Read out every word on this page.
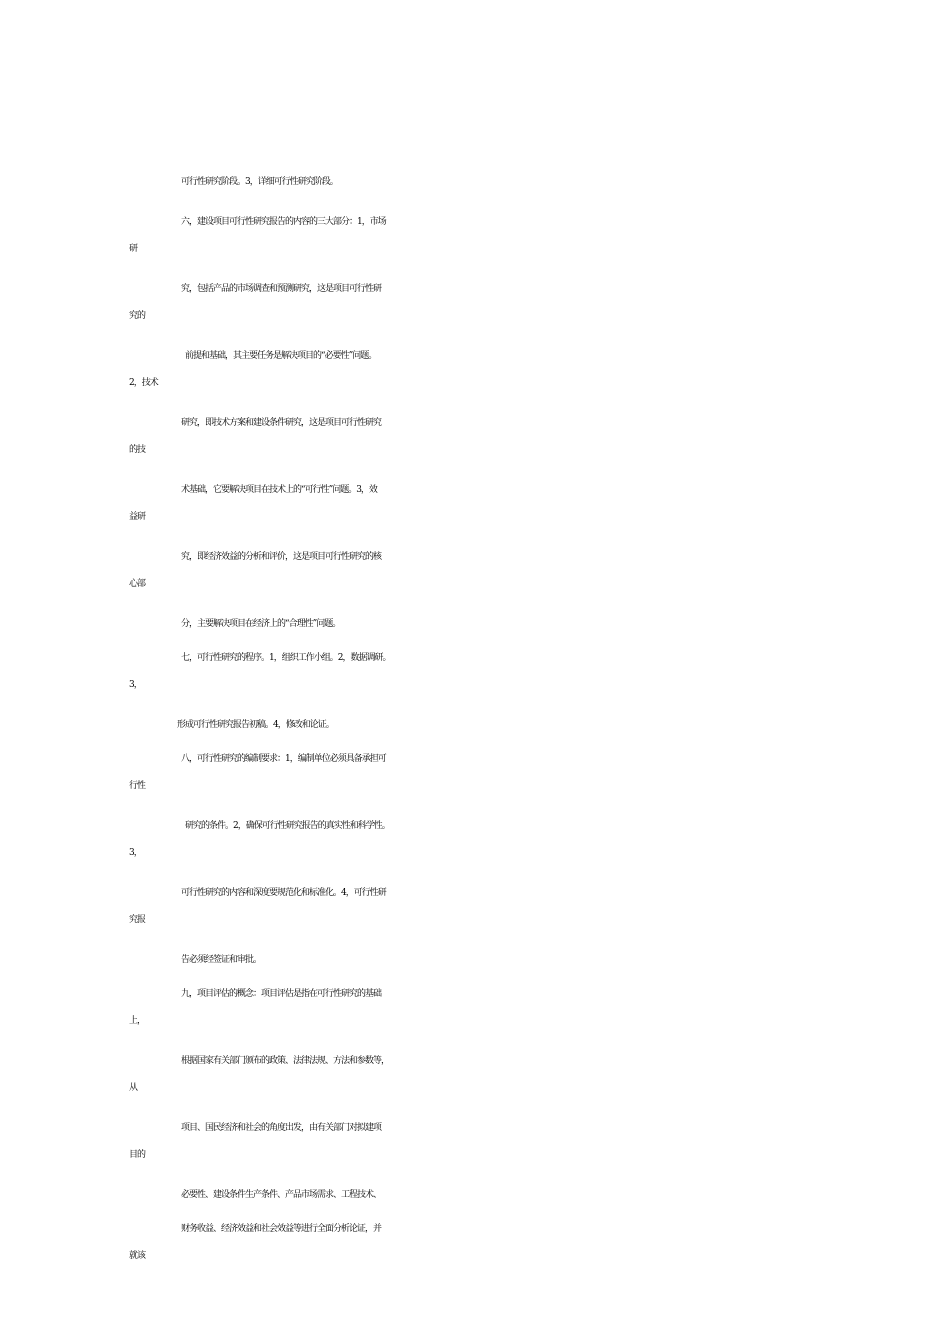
可行性研究阶段。3，详细可行性研究阶段。

六，建设项目可行性研究报告的内容的三大部分：1，市场

研

究，包括产品的市场调查和预测研究，这是项目可行性研

究的

前提和基础，其主要任务是解决项目的“必要性”问题。

2，技术

研究，即技术方案和建设条件研究，这是项目可行性研究

的技

术基础，它要解决项目在技术上的“可行性”问题。3，效

益研

究，即经济效益的分析和评价，这是项目可行性研究的核

心部

分，主要解决项目在经济上的“合理性”问题。

七，可行性研究的程序。1，组织工作小组。2，数据调研。

3，

形成可行性研究报告初稿。4，修改和论证。

八，可行性研究的编制要求：1，编制单位必须具备承担可

行性

研究的条件。2，确保可行性研究报告的真实性和科学性。

3，

可行性研究的内容和深度要规范化和标准化。4，可行性研

究报

告必须经签证和审批。

九，项目评估的概念：项目评估是指在可行性研究的基础

上，

根据国家有关部门颁布的政策、法律法规、方法和参数等，

从

项目、国民经济和社会的角度出发，由有关部门对拟建项

目的

必要性、建设条件生产条件、产品市场需求、工程技术、

财务收益、经济效益和社会效益等进行全面分析论证，并

就该
